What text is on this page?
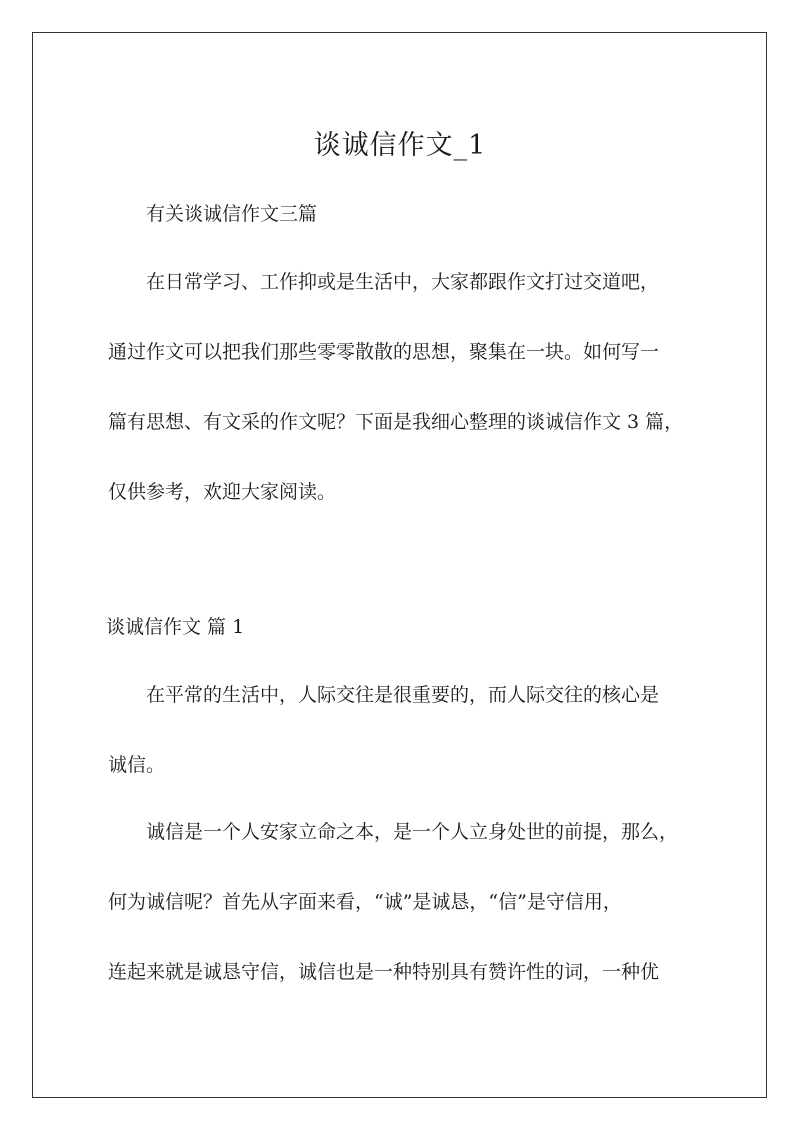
谈诚信作文_1
有关谈诚信作文三篇
在日常学习、工作抑或是生活中，大家都跟作文打过交道吧，
通过作文可以把我们那些零零散散的思想，聚集在一块。如何写一
篇有思想、有文采的作文呢？下面是我细心整理的谈诚信作文 3 篇，
仅供参考，欢迎大家阅读。
谈诚信作文 篇 1
在平常的生活中，人际交往是很重要的，而人际交往的核心是
诚信。
诚信是一个人安家立命之本，是一个人立身处世的前提，那么，
何为诚信呢？首先从字面来看，“诚”是诚恳，“信”是守信用，
连起来就是诚恳守信，诚信也是一种特别具有赞许性的词，一种优
